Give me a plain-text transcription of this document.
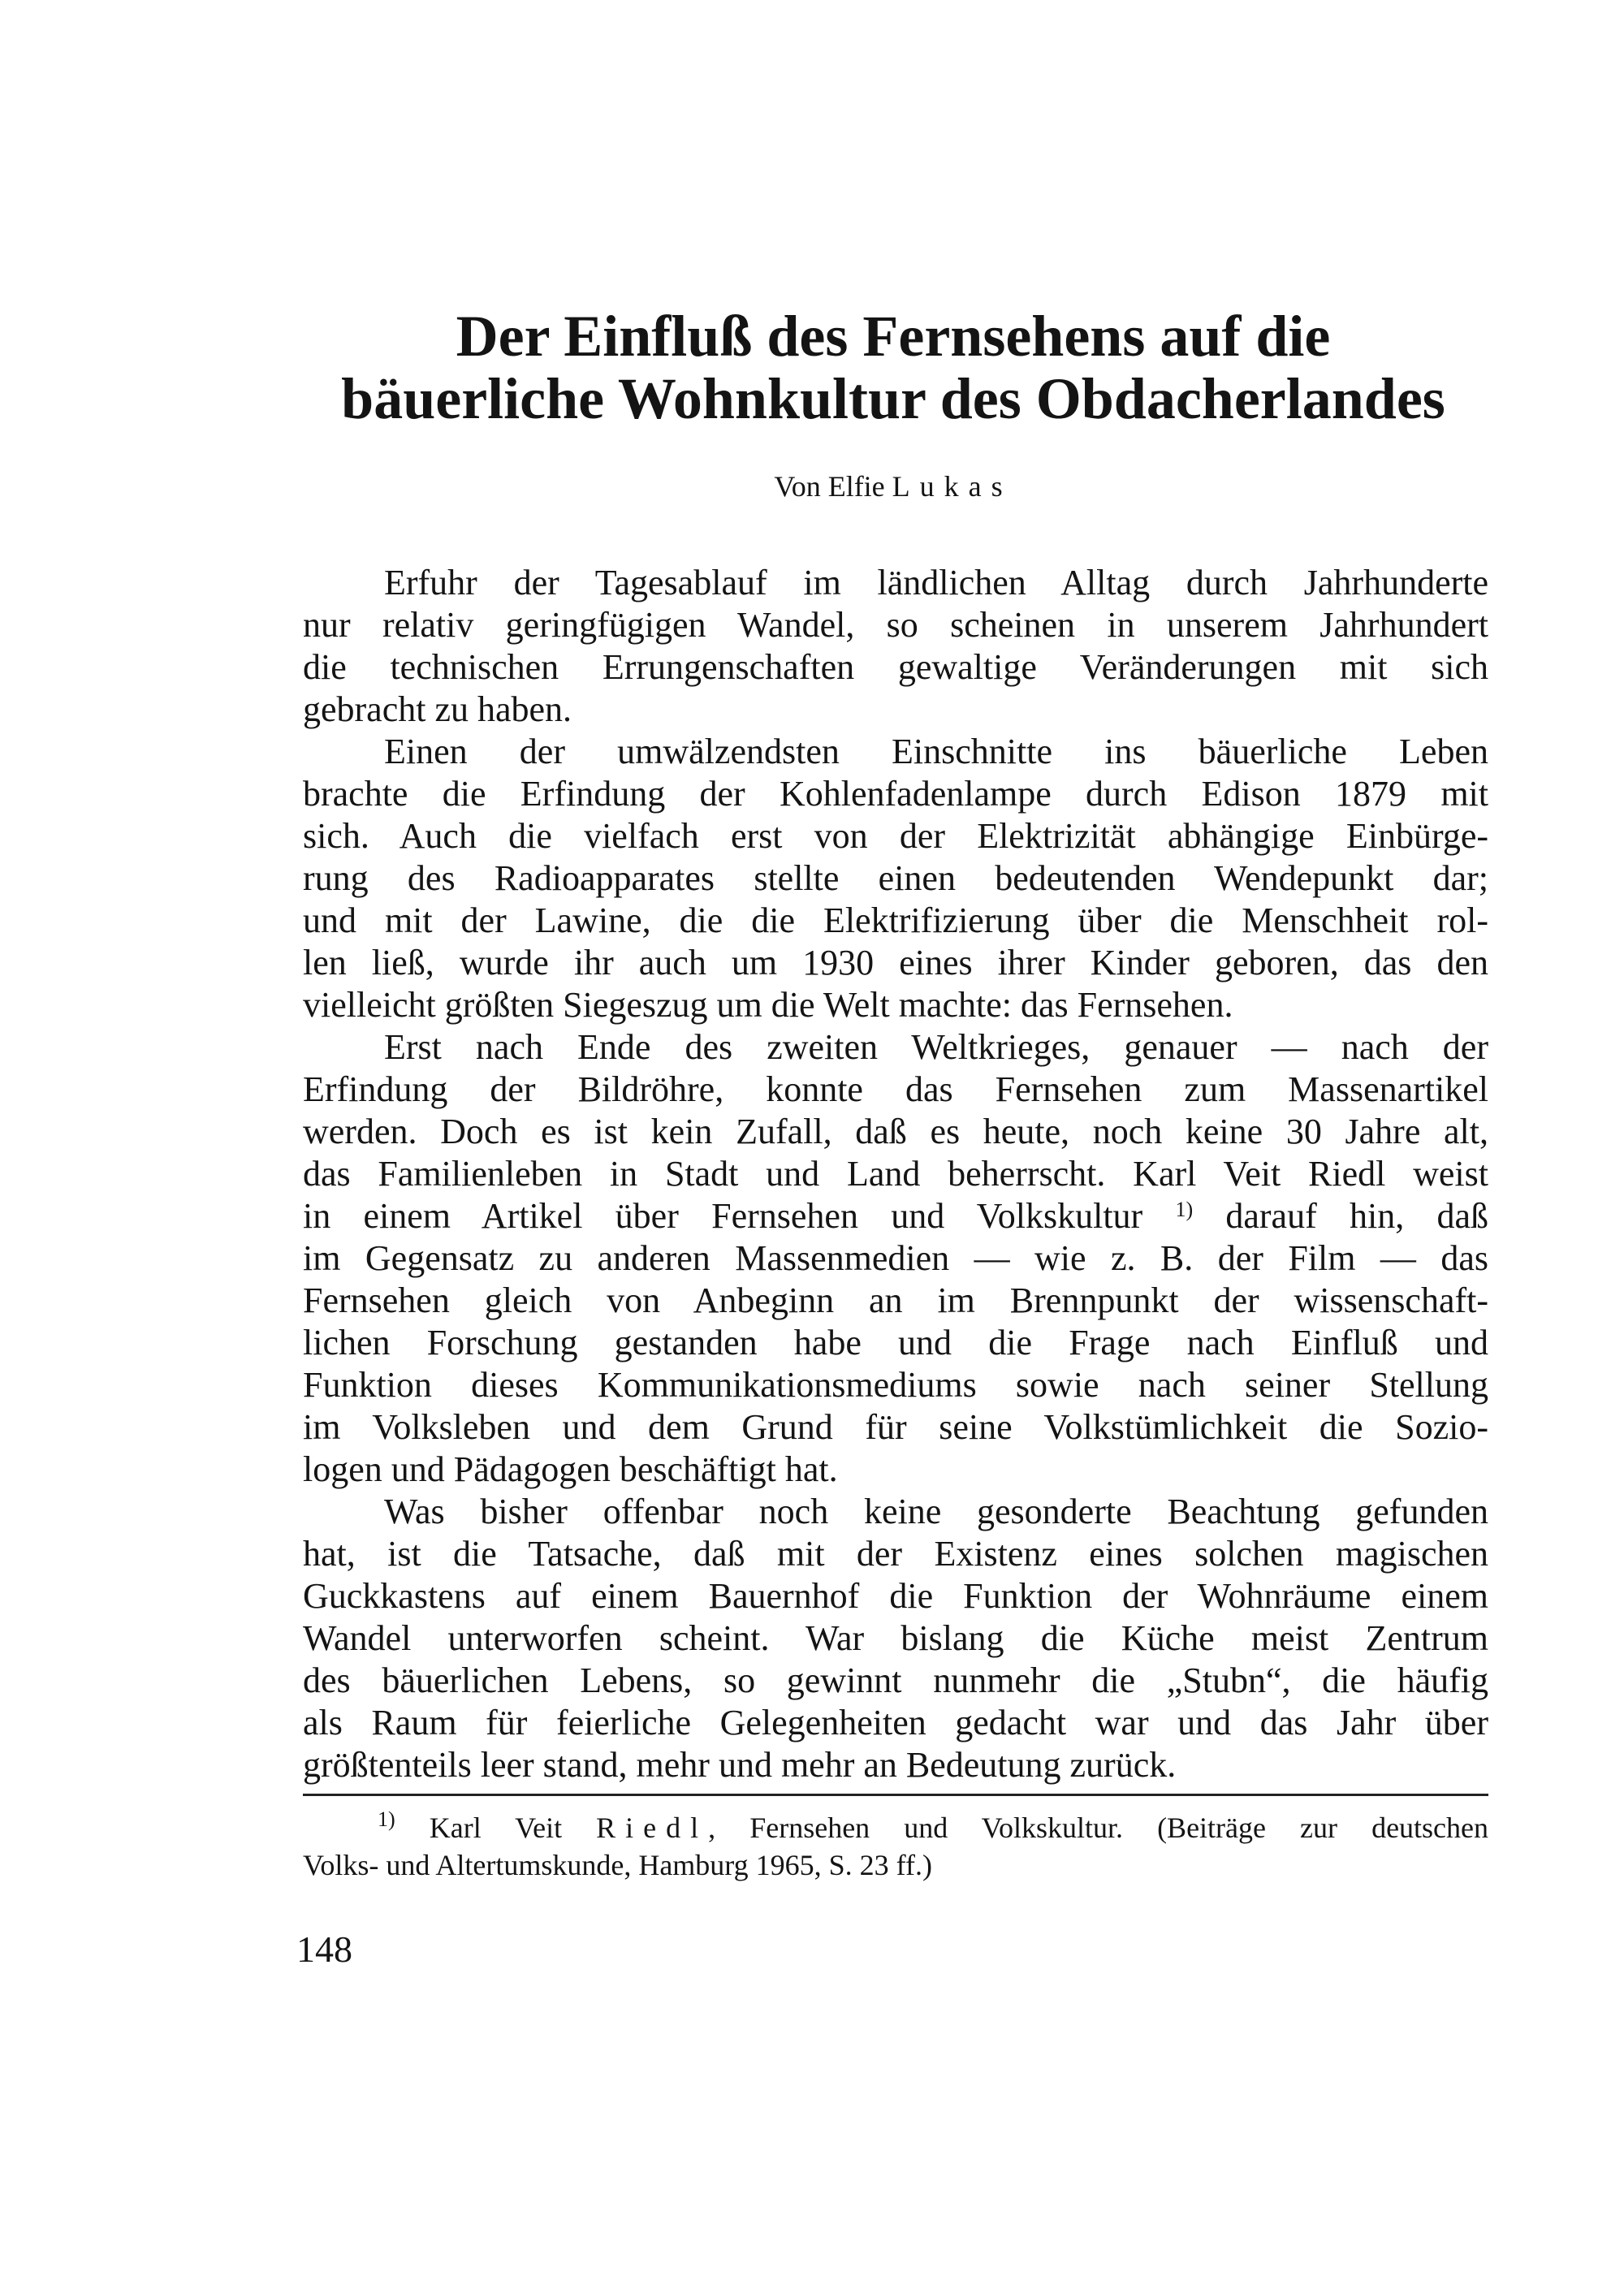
Der Einfluß des Fernsehens auf die
bäuerliche Wohnkultur des Obdacherlandes
Von Elfie Lukas
Erfuhr der Tagesablauf im ländlichen Alltag durch Jahrhunderte
nur relativ geringfügigen Wandel, so scheinen in unserem Jahrhundert
die technischen Errungenschaften gewaltige Veränderungen mit sich
gebracht zu haben.
Einen der umwälzendsten Einschnitte ins bäuerliche Leben
brachte die Erfindung der Kohlenfadenlampe durch Edison 1879 mit
sich. Auch die vielfach erst von der Elektrizität abhängige Einbürge-
rung des Radioapparates stellte einen bedeutenden Wendepunkt dar;
und mit der Lawine, die die Elektrifizierung über die Menschheit rol-
len ließ, wurde ihr auch um 1930 eines ihrer Kinder geboren, das den
vielleicht größten Siegeszug um die Welt machte: das Fernsehen.
Erst nach Ende des zweiten Weltkrieges, genauer — nach der
Erfindung der Bildröhre, konnte das Fernsehen zum Massenartikel
werden. Doch es ist kein Zufall, daß es heute, noch keine 30 Jahre alt,
das Familienleben in Stadt und Land beherrscht. Karl Veit Riedl weist
in einem Artikel über Fernsehen und Volkskultur $^{1)}$ darauf hin, daß
im Gegensatz zu anderen Massenmedien — wie z. B. der Film — das
Fernsehen gleich von Anbeginn an im Brennpunkt der wissenschaft-
lichen Forschung gestanden habe und die Frage nach Einfluß und
Funktion dieses Kommunikationsmediums sowie nach seiner Stellung
im Volksleben und dem Grund für seine Volkstümlichkeit die Sozio-
logen und Pädagogen beschäftigt hat.
Was bisher offenbar noch keine gesonderte Beachtung gefunden
hat, ist die Tatsache, daß mit der Existenz eines solchen magischen
Guckkastens auf einem Bauernhof die Funktion der Wohnräume einem
Wandel unterworfen scheint. War bislang die Küche meist Zentrum
des bäuerlichen Lebens, so gewinnt nunmehr die „Stubn“, die häufig
als Raum für feierliche Gelegenheiten gedacht war und das Jahr über
größtenteils leer stand, mehr und mehr an Bedeutung zurück.
$^{1)}$ Karl Veit Riedl, Fernsehen und Volkskultur. (Beiträge zur deutschen
Volks- und Altertumskunde, Hamburg 1965, S. 23 ff.)
148
